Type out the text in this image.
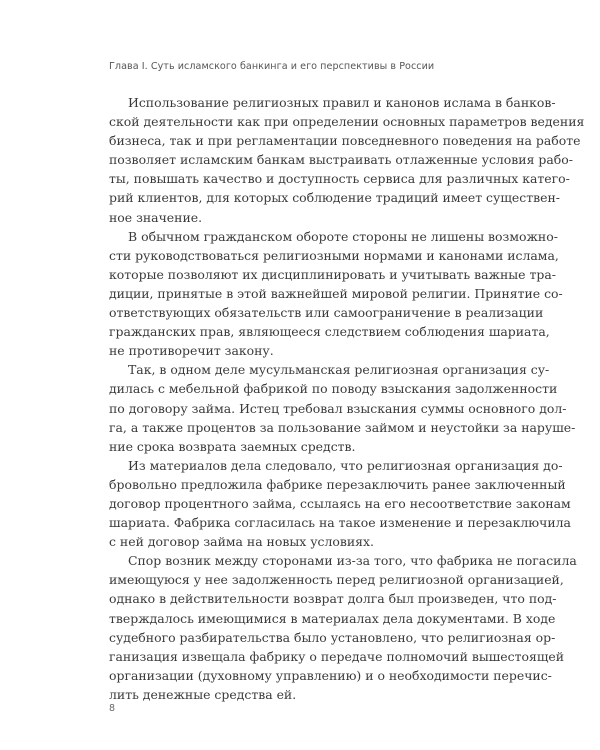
Глава I. Суть исламского банкинга и его перспективы в России
Использование религиозных правил и канонов ислама в банков-
ской деятельности как при определении основных параметров ведения
бизнеса, так и при регламентации повседневного поведения на работе
позволяет исламским банкам выстраивать отлаженные условия рабо-
ты, повышать качество и доступность сервиса для различных катего-
рий клиентов, для которых соблюдение традиций имеет существен-
ное значение.
В обычном гражданском обороте стороны не лишены возможно-
сти руководствоваться религиозными нормами и канонами ислама,
которые позволяют их дисциплинировать и учитывать важные тра-
диции, принятые в этой важнейшей мировой религии. Принятие со-
ответствующих обязательств или самоограничение в реализации
гражданских прав, являющееся следствием соблюдения шариата,
не противоречит закону.
Так, в одном деле мусульманская религиозная организация су-
дилась с мебельной фабрикой по поводу взыскания задолженности
по договору займа. Истец требовал взыскания суммы основного дол-
га, а также процентов за пользование займом и неустойки за наруше-
ние срока возврата заемных средств.
Из материалов дела следовало, что религиозная организация до-
бровольно предложила фабрике перезаключить ранее заключенный
договор процентного займа, ссылаясь на его несоответствие законам
шариата. Фабрика согласилась на такое изменение и перезаключила
с ней договор займа на новых условиях.
Спор возник между сторонами из-за того, что фабрика не погасила
имеющуюся у нее задолженность перед религиозной организацией,
однако в действительности возврат долга был произведен, что под-
тверждалось имеющимися в материалах дела документами. В ходе
судебного разбирательства было установлено, что религиозная ор-
ганизация извещала фабрику о передаче полномочий вышестоящей
организации (духовному управлению) и о необходимости перечис-
лить денежные средства ей.
8
